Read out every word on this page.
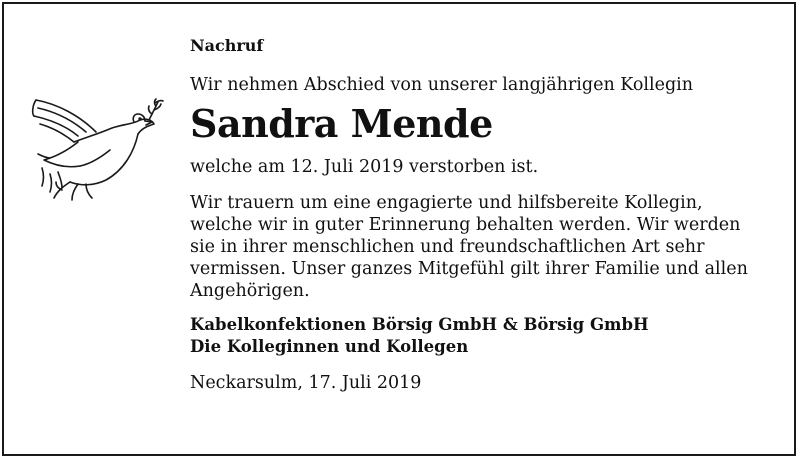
Nachruf
Wir nehmen Abschied von unserer langjährigen Kollegin
Sandra Mende
welche am 12. Juli 2019 verstorben ist.
Wir trauern um eine engagierte und hilfsbereite Kollegin,
welche wir in guter Erinnerung behalten werden. Wir werden
sie in ihrer menschlichen und freundschaftlichen Art sehr
vermissen. Unser ganzes Mitgefühl gilt ihrer Familie und allen
Angehörigen.
Kabelkonfektionen Börsig GmbH & Börsig GmbH
Die Kolleginnen und Kollegen
Neckarsulm, 17. Juli 2019
